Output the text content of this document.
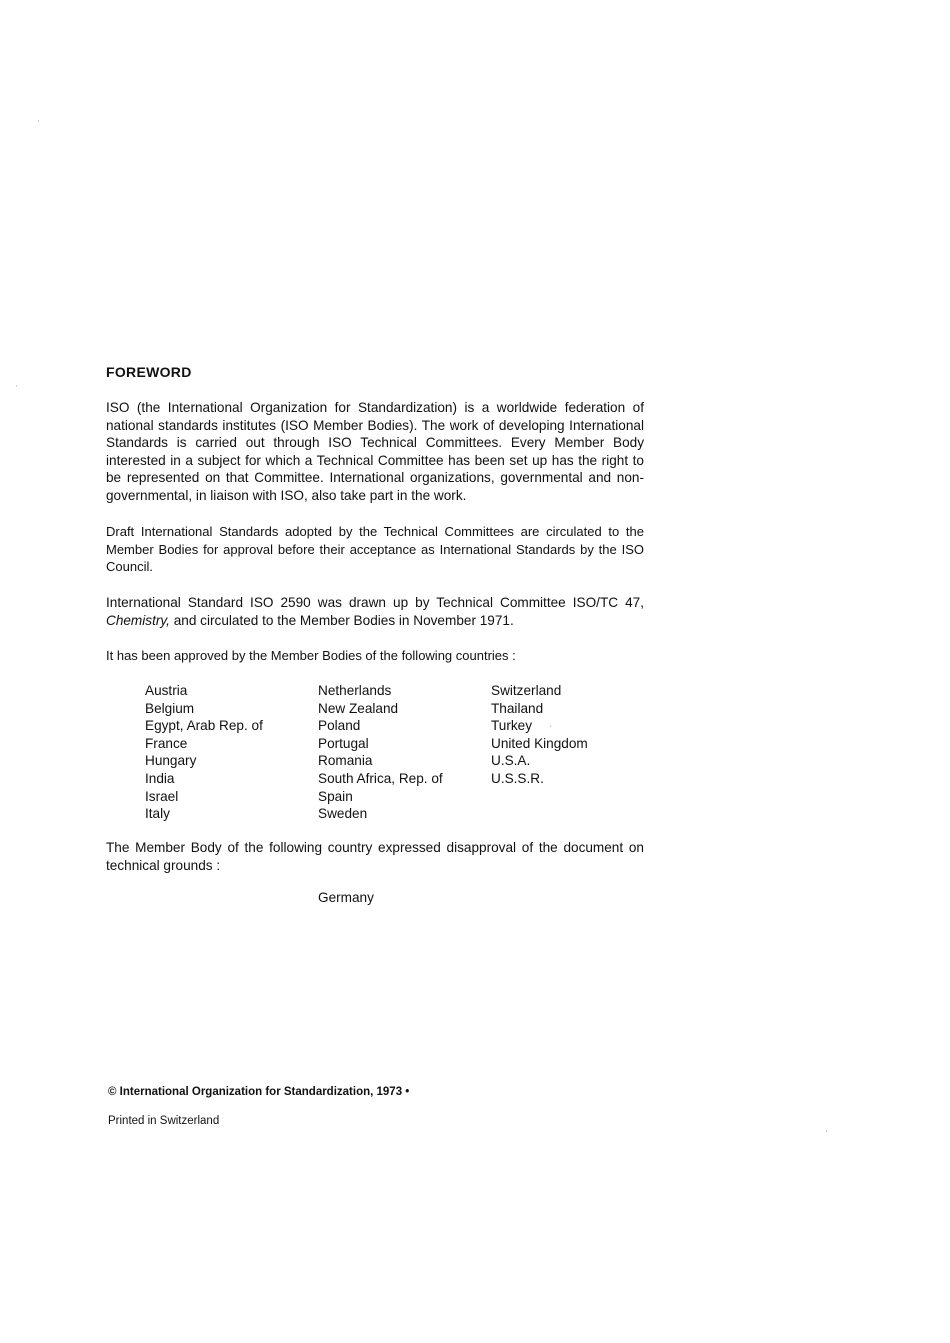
FOREWORD
ISO (the International Organization for Standardization) is a worldwide federation of national standards institutes (ISO Member Bodies). The work of developing International Standards is carried out through ISO Technical Committees. Every Member Body interested in a subject for which a Technical Committee has been set up has the right to be represented on that Committee. International organizations, governmental and non-governmental, in liaison with ISO, also take part in the work.
Draft International Standards adopted by the Technical Committees are circulated to the Member Bodies for approval before their acceptance as International Standards by the ISO Council.
International Standard ISO 2590 was drawn up by Technical Committee ISO/TC 47, Chemistry, and circulated to the Member Bodies in November 1971.
It has been approved by the Member Bodies of the following countries :
Austria
Belgium
Egypt, Arab Rep. of
France
Hungary
India
Israel
Italy
Netherlands
New Zealand
Poland
Portugal
Romania
South Africa, Rep. of
Spain
Sweden
Switzerland
Thailand
Turkey
United Kingdom
U.S.A.
U.S.S.R.
The Member Body of the following country expressed disapproval of the document on technical grounds :
Germany
© International Organization for Standardization, 1973 •
Printed in Switzerland
